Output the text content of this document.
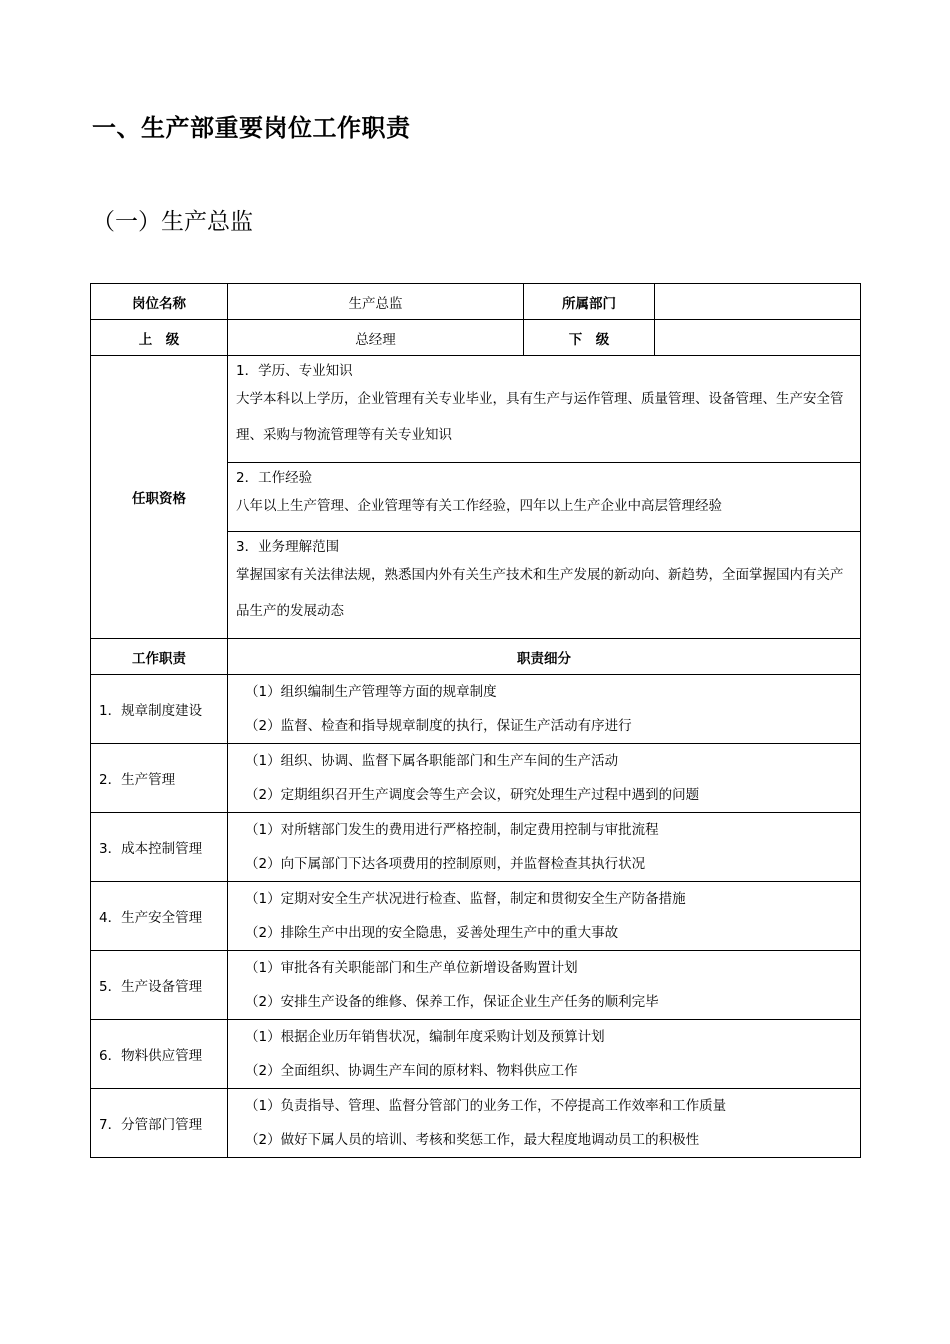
一、生产部重要岗位工作职责
（一）生产总监
岗位名称	生产总监	所属部门	
上　级	总经理	下　级	
任职资格	1．学历、专业知识
大学本科以上学历，企业管理有关专业毕业，具有生产与运作管理、质量管理、设备管理、生产安全管理、采购与物流管理等有关专业知识		

	2．工作经验
八年以上生产管理、企业管理等有关工作经验，四年以上生产企业中高层管理经验		

	3．业务理解范围
掌握国家有关法律法规，熟悉国内外有关生产技术和生产发展的新动向、新趋势，全面掌握国内有关产品生产的发展动态		

工作职责	职责细分		
1．规章制度建设	（1）组织编制生产管理等方面的规章制度
（2）监督、检查和指导规章制度的执行，保证生产活动有序进行		

2．生产管理	（1）组织、协调、监督下属各职能部门和生产车间的生产活动
（2）定期组织召开生产调度会等生产会议，研究处理生产过程中遇到的问题		

3．成本控制管理	（1）对所辖部门发生的费用进行严格控制，制定费用控制与审批流程
（2）向下属部门下达各项费用的控制原则，并监督检查其执行状况		

4．生产安全管理	（1）定期对安全生产状况进行检查、监督，制定和贯彻安全生产防备措施
（2）排除生产中出现的安全隐患，妥善处理生产中的重大事故		

5．生产设备管理	（1）审批各有关职能部门和生产单位新增设备购置计划
（2）安排生产设备的维修、保养工作，保证企业生产任务的顺利完毕		

6．物料供应管理	（1）根据企业历年销售状况，编制年度采购计划及预算计划
（2）全面组织、协调生产车间的原材料、物料供应工作		

7．分管部门管理	（1）负责指导、管理、监督分管部门的业务工作，不停提高工作效率和工作质量
（2）做好下属人员的培训、考核和奖惩工作，最大程度地调动员工的积极性		
